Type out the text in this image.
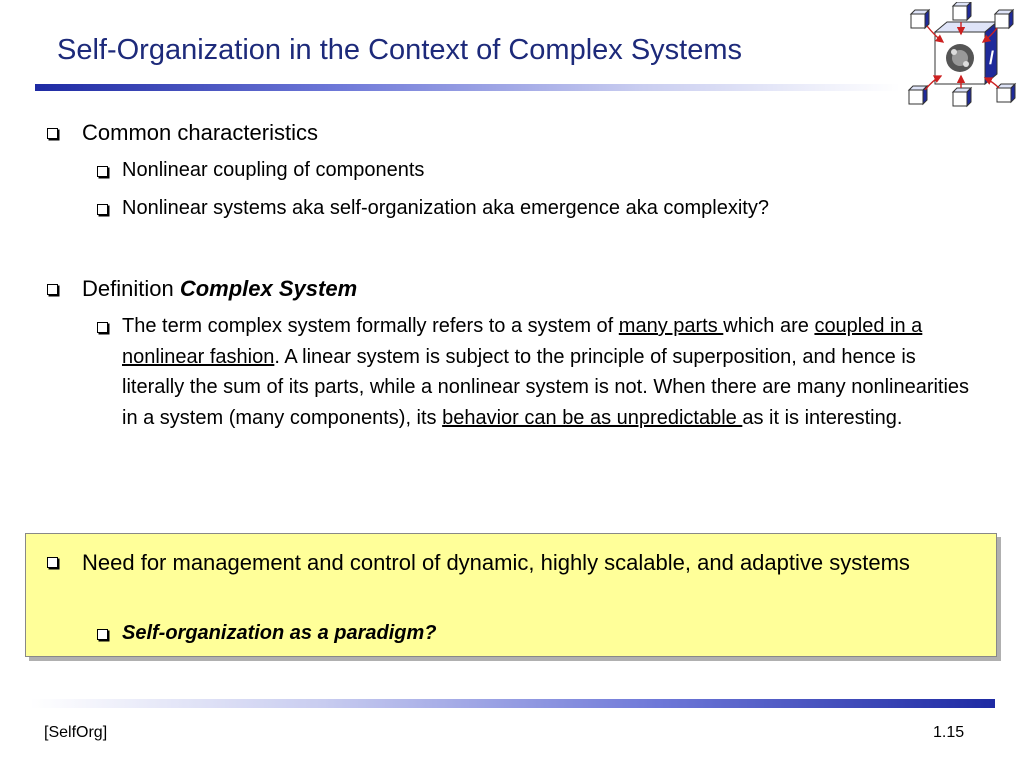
Self-Organization in the Context of Complex Systems	/
Common characteristics
Nonlinear coupling of components
Nonlinear systems aka self-organization aka emergence aka complexity?
Definition Complex System
The term complex system formally refers to a system of many parts which are coupled in a nonlinear fashion. A linear system is subject to the principle of superposition, and hence is literally the sum of its parts, while a nonlinear system is not. When there are many nonlinearities in a system (many components), its behavior can be as unpredictable as it is interesting.
Need for management and control of dynamic, highly scalable, and adaptive systems
Self-organization as a paradigm?
[SelfOrg]	1.15
